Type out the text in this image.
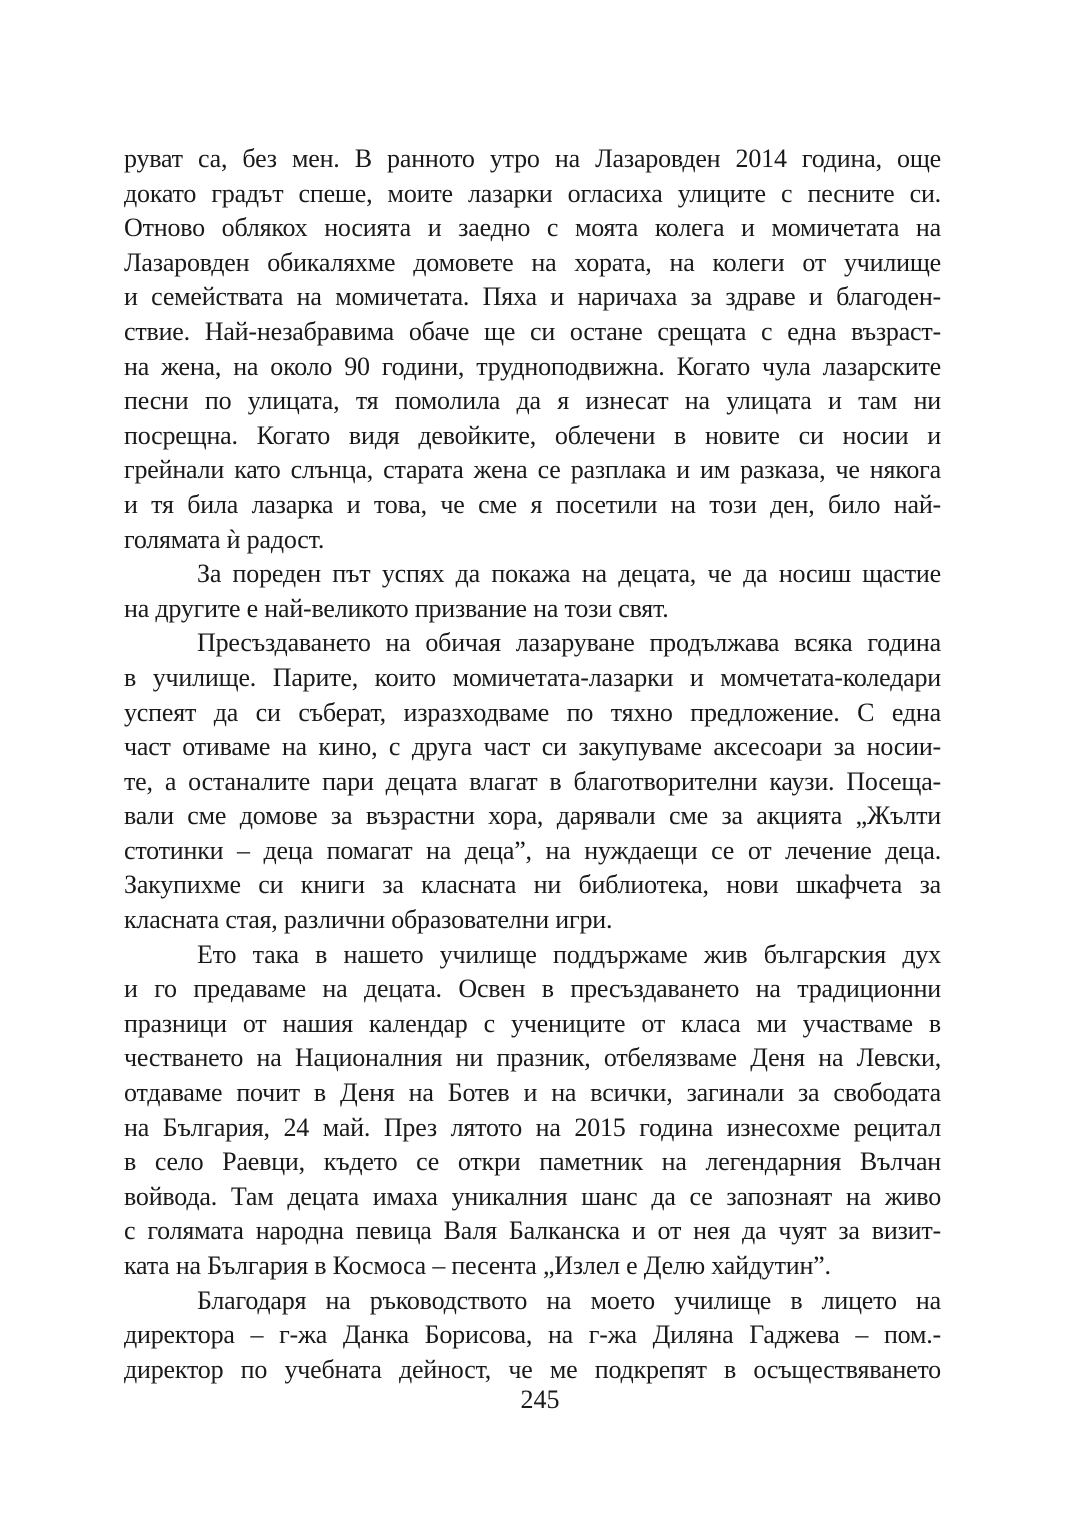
руват са, без мен. В ранното утро на Лазаровден 2014 година, още
докато градът спеше, моите лазарки огласиха улиците с песните си.
Отново облякох носията и заедно с моята колега и момичетата на
Лазаровден обикаляхме домовете на хората, на колеги от училище
и семействата на момичетата. Пяха и наричаха за здраве и благоден-
ствие. Най-незабравима обаче ще си остане срещата с една възраст-
на жена, на около 90 години, трудноподвижна. Когато чула лазарските
песни по улицата, тя помолила да я изнесат на улицата и там ни
посрещна. Когато видя девойките, облечени в новите си носии и
грейнали като слънца, старата жена се разплака и им разказа, че някога
и тя била лазарка и това, че сме я посетили на този ден, било най-
голямата ѝ радост.
За пореден път успях да покажа на децата, че да носиш щастие
на другите е най-великото призвание на този свят.
Пресъздаването на обичая лазаруване продължава всяка година
в училище. Парите, които момичетата-лазарки и момчетата-коледари
успеят да си съберат, изразходваме по тяхно предложение. С една
част отиваме на кино, с друга част си закупуваме аксесоари за носии-
те, а останалите пари децата влагат в благотворителни каузи. Посеща-
вали сме домове за възрастни хора, дарявали сме за акцията „Жълти
стотинки – деца помагат на деца”, на нуждаещи се от лечение деца.
Закупихме си книги за класната ни библиотека, нови шкафчета за
класната стая, различни образователни игри.
Ето така в нашето училище поддържаме жив българския дух
и го предаваме на децата. Освен в пресъздаването на традиционни
празници от нашия календар с учениците от класа ми участваме в
честването на Националния ни празник, отбелязваме Деня на Левски,
отдаваме почит в Деня на Ботев и на всички, загинали за свободата
на България, 24 май. През лятото на 2015 година изнесохме рецитал
в село Раевци, където се откри паметник на легендарния Вълчан
войвода. Там децата имаха уникалния шанс да се запознаят на живо
с голямата народна певица Валя Балканска и от нея да чуят за визит-
ката на България в Космоса – песента „Излел е Делю хайдутин”.
Благодаря на ръководството на моето училище в лицето на
директора – г-жа Данка Борисова, на г-жа Диляна Гаджева – пом.-
директор по учебната дейност, че ме подкрепят в осъществяването
245
